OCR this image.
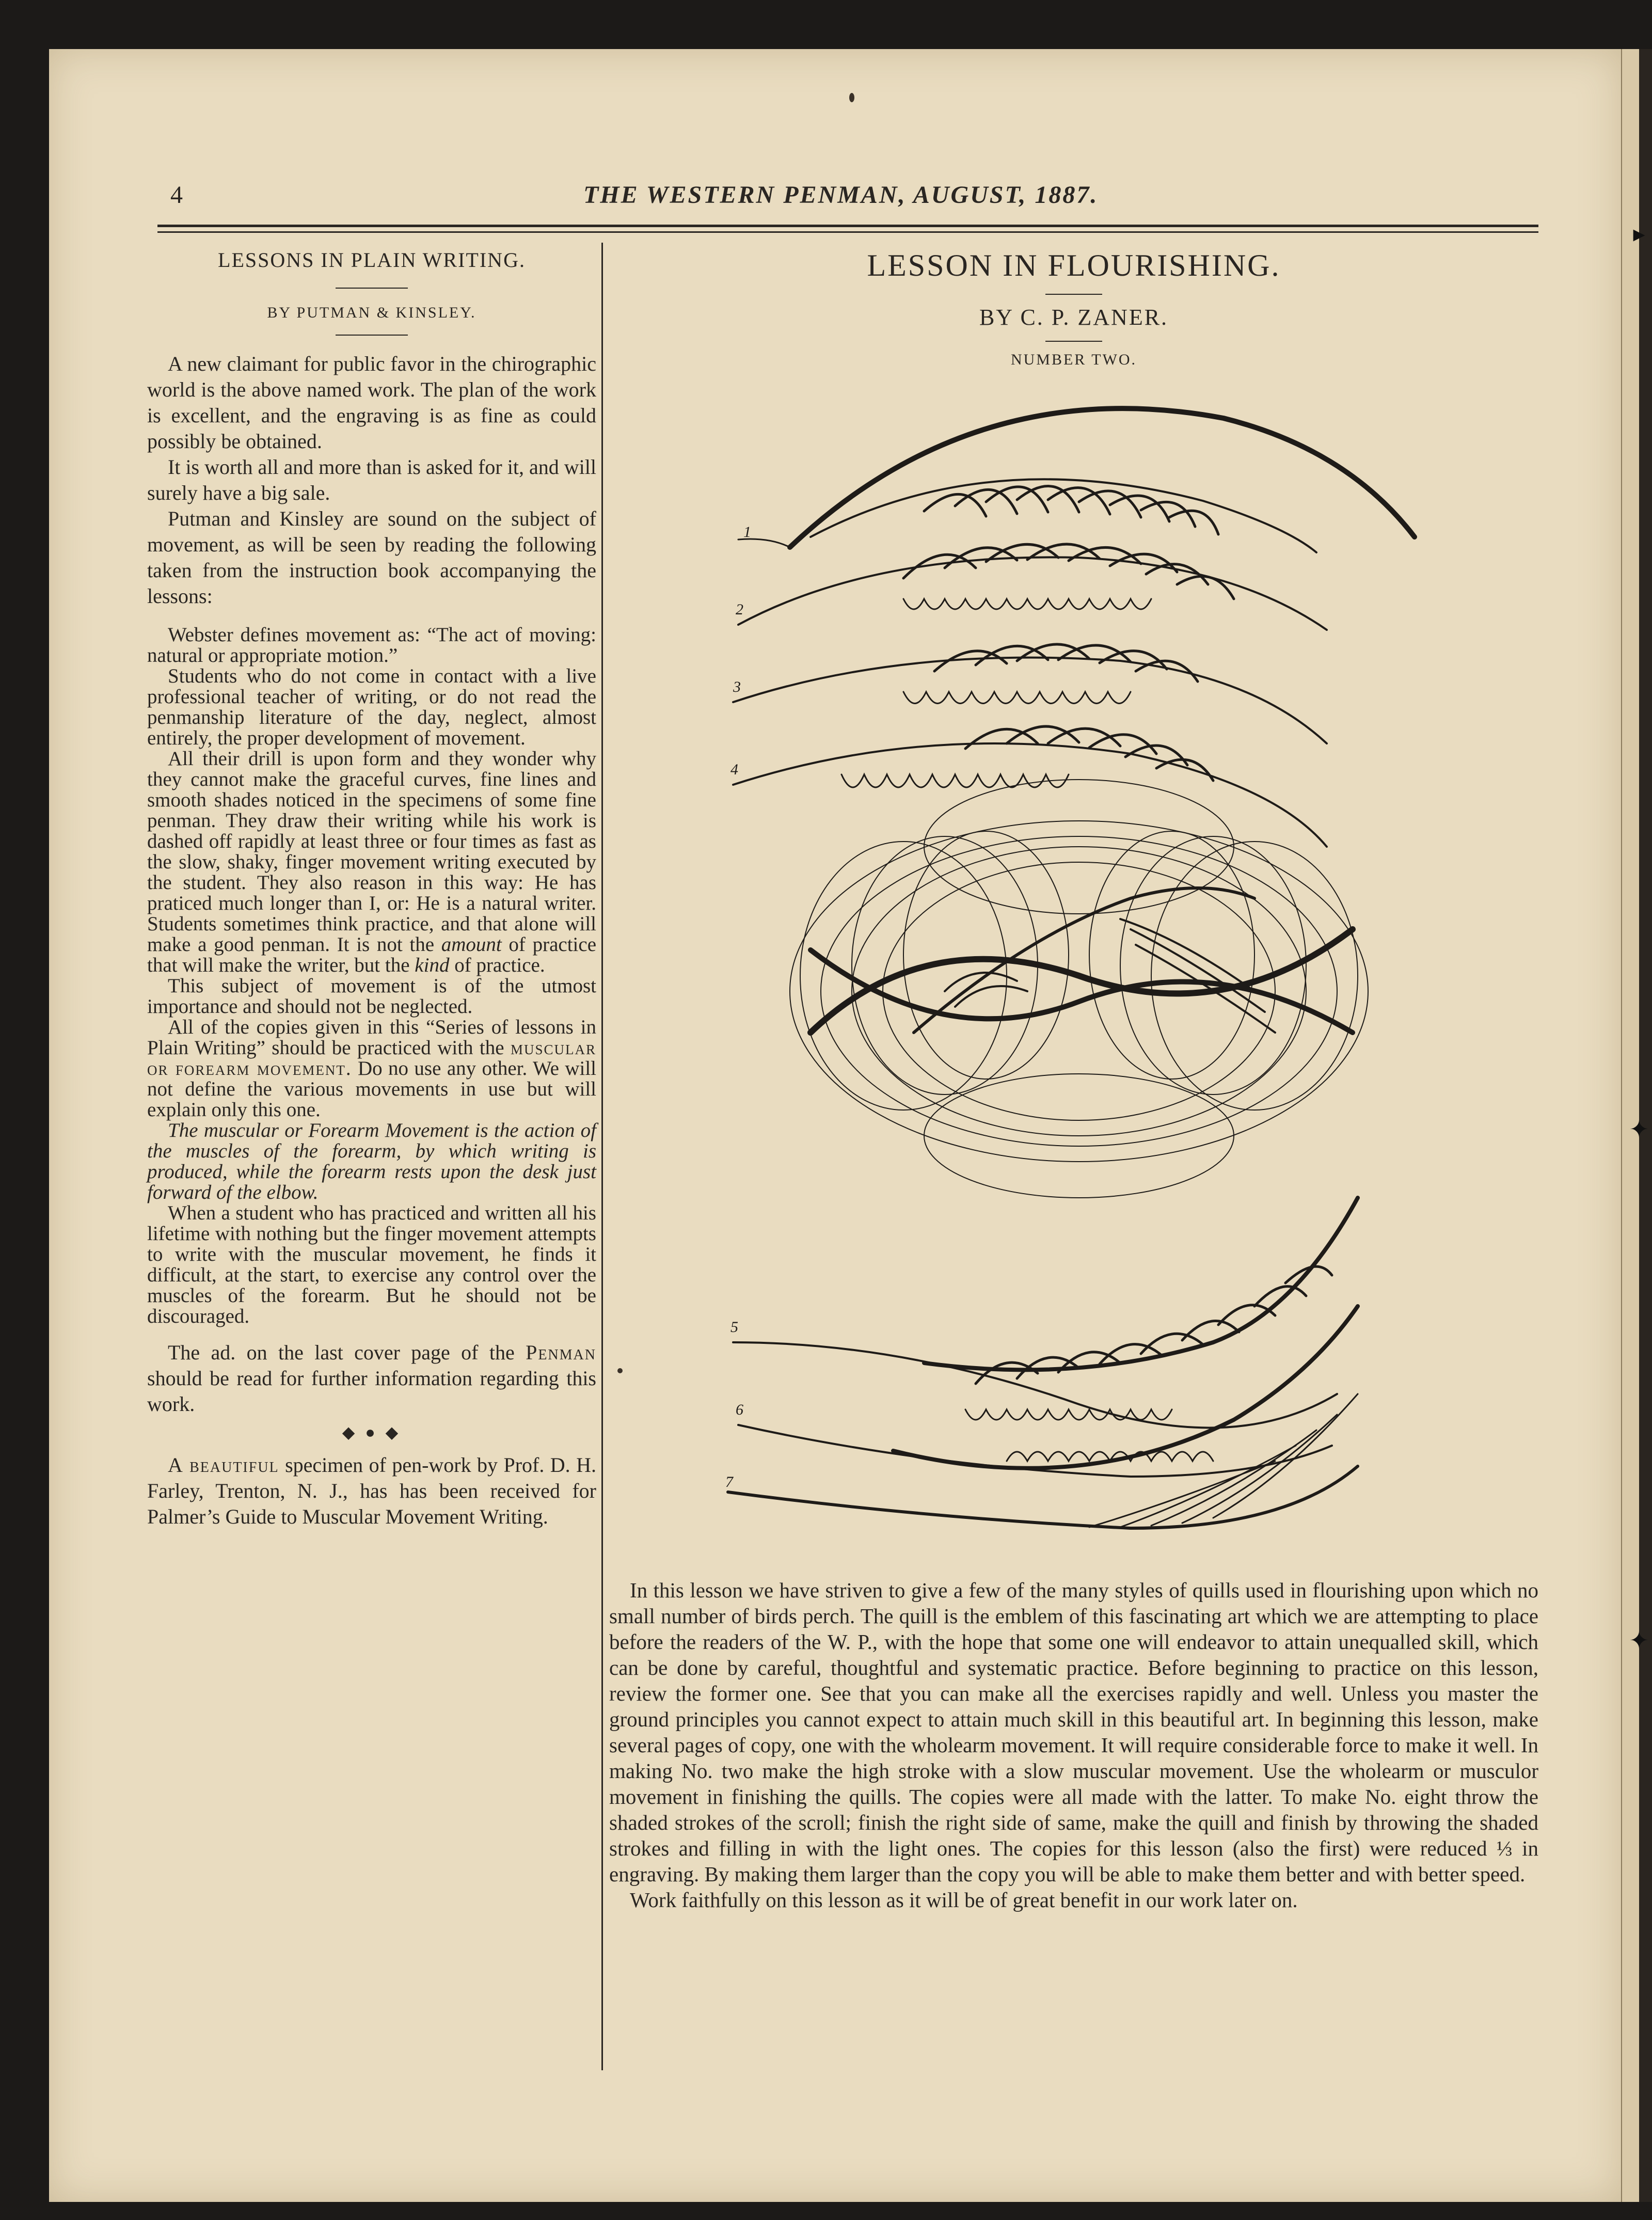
▸
✦
✦
4	THE WESTERN PENMAN, AUGUST, 1887.
LESSONS IN PLAIN WRITING.
BY PUTMAN & KINSLEY.

A new claimant for public favor in the chirographic world is the above named work. The plan of the work is excellent, and the engraving is as fine as could possibly be obtained.

It is worth all and more than is asked for it, and will surely have a big sale.

Putman and Kinsley are sound on the subject of movement, as will be seen by reading the following taken from the instruction book accompanying the lessons:

Webster defines movement as: “The act of moving: natural or appropriate motion.”

Students who do not come in contact with a live professional teacher of writing, or do not read the penmanship literature of the day, neglect, almost entirely, the proper development of movement.

All their drill is upon form and they wonder why they cannot make the graceful curves, fine lines and smooth shades noticed in the specimens of some fine penman. They draw their writing while his work is dashed off rapidly at least three or four times as fast as the slow, shaky, finger movement writing executed by the student. They also reason in this way: He has praticed much longer than I, or: He is a natural writer. Students sometimes think practice, and that alone will make a good penman. It is not the amount of practice that will make the writer, but the kind of practice.

This subject of movement is of the utmost importance and should not be neglected.

All of the copies given in this “Series of lessons in Plain Writing” should be practiced with the muscular or forearm movement. Do no use any other. We will not define the various movements in use but will explain only this one.

The muscular or Forearm Movement is the action of the muscles of the forearm, by which writing is produced, while the forearm rests upon the desk just forward of the elbow.

When a student who has practiced and written all his lifetime with nothing but the finger movement attempts to write with the muscular movement, he finds it difficult, at the start, to exercise any control over the muscles of the forearm. But he should not be discouraged.

The ad. on the last cover page of the Penman should be read for further information regarding this work.

◆ ● ◆

A beautiful specimen of pen-work by Prof. D. H. Farley, Trenton, N. J., has has been received for Palmer’s Guide to Muscular Movement Writing.

LESSON IN FLOURISHING.
BY C. P. ZANER.
NUMBER TWO.
1
2
3
4
5
6
7

In this lesson we have striven to give a few of the many styles of quills used in flourishing upon which no small number of birds perch. The quill is the emblem of this fascinating art which we are attempting to place before the readers of the W. P., with the hope that some one will endeavor to attain unequalled skill, which can be done by careful, thoughtful and systematic practice. Before beginning to practice on this lesson, review the former one. See that you can make all the exercises rapidly and well. Unless you master the ground principles you cannot expect to attain much skill in this beautiful art. In beginning this lesson, make several pages of copy, one with the wholearm movement. It will require considerable force to make it well. In making No. two make the high stroke with a slow muscular movement. Use the wholearm or musculor movement in finishing the quills. The copies were all made with the latter. To make No. eight throw the shaded strokes of the scroll; finish the right side of same, make the quill and finish by throwing the shaded strokes and filling in with the light ones. The copies for this lesson (also the first) were reduced ⅓ in engraving. By making them larger than the copy you will be able to make them better and with better speed.

Work faithfully on this lesson as it will be of great benefit in our work later on.
